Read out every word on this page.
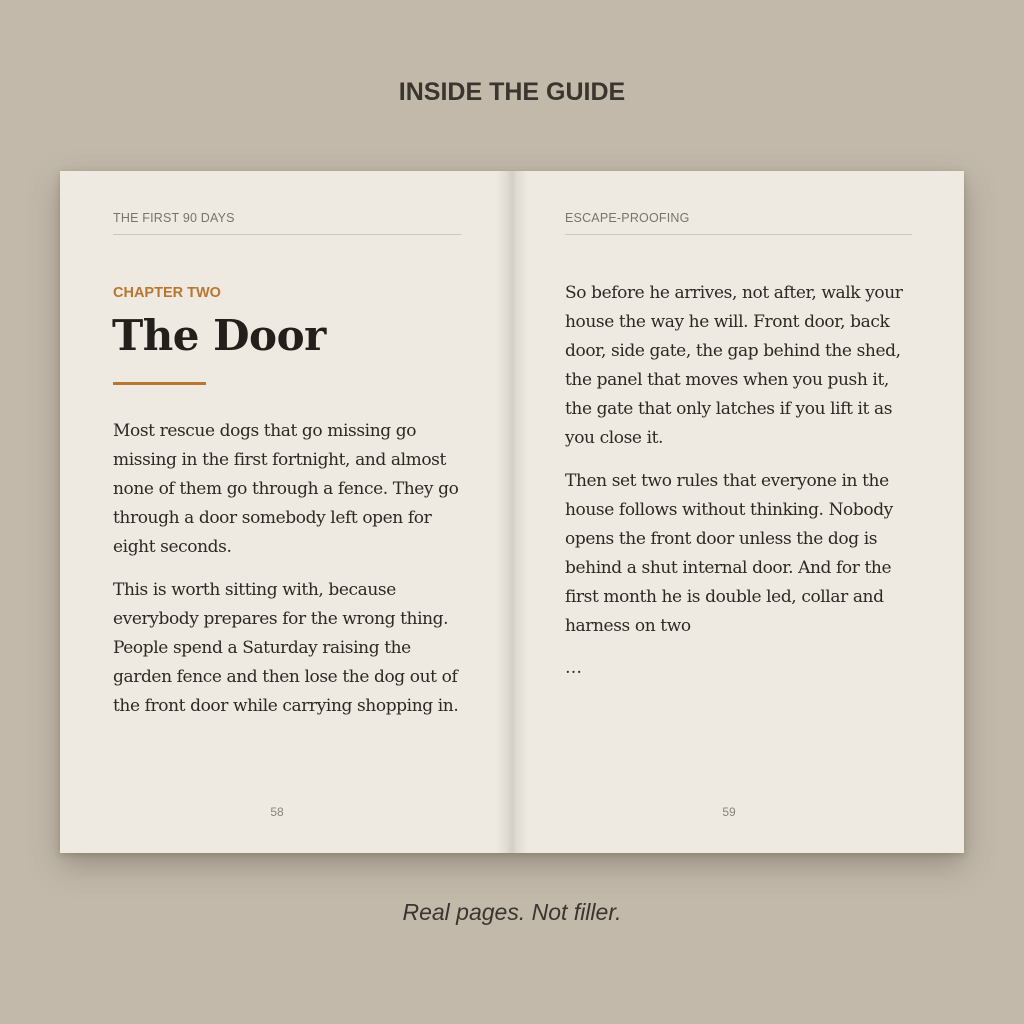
INSIDE THE GUIDE
THE FIRST 90 DAYS
CHAPTER TWO
The Door

Most rescue dogs that go missing go missing in the first fortnight, and almost none of them go through a fence. They go through a door somebody left open for eight seconds.

This is worth sitting with, because everybody prepares for the wrong thing. People spend a Saturday raising the garden fence and then lose the dog out of the front door while carrying shopping in.

58
ESCAPE-PROOFING

So before he arrives, not after, walk your house the way he will. Front door, back door, side gate, the gap behind the shed, the panel that moves when you push it, the gate that only latches if you lift it as you close it.

Then set two rules that everyone in the house follows without thinking. Nobody opens the front door unless the dog is behind a shut internal door. And for the first month he is double led, collar and harness on two

…

59
Real pages. Not filler.
